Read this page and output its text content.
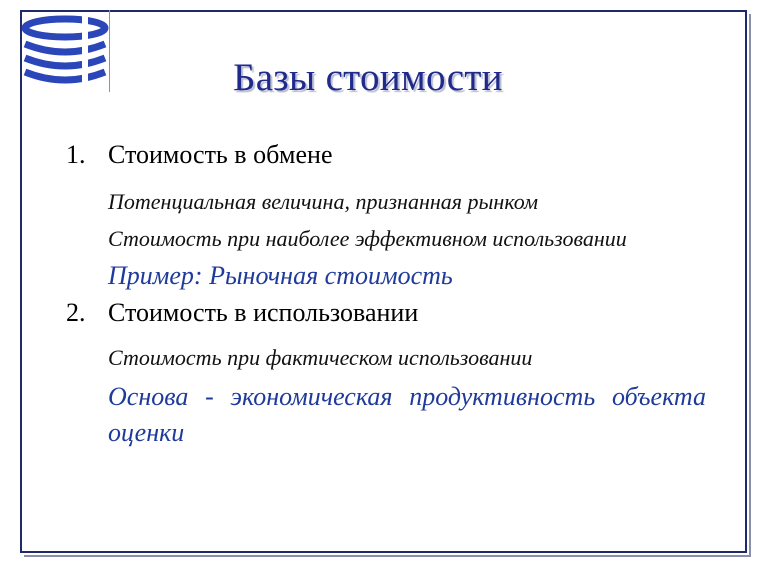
Базы стоимости
1. Стоимость в обмене
Потенциальная величина, признанная рынком
Стоимость при наиболее эффективном использовании
Пример: Рыночная стоимость
2. Стоимость в использовании
Стоимость при фактическом использовании
Основа - экономическая продуктивность объекта оценки
